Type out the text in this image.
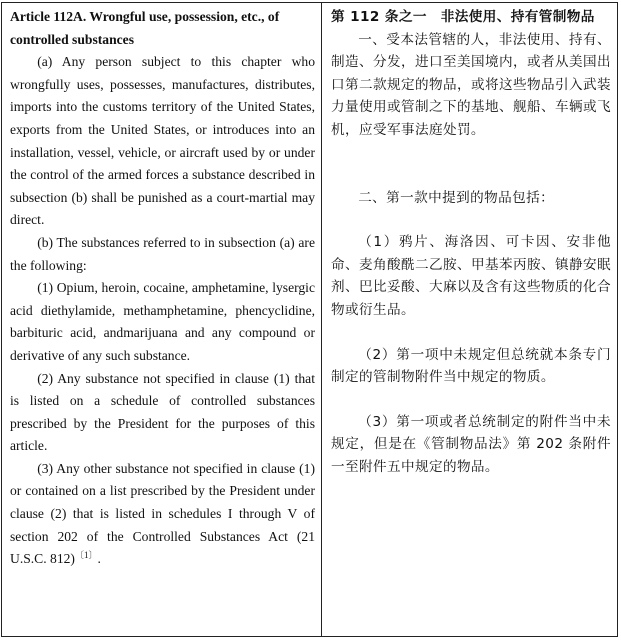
Article 112A. Wrongful use, possession, etc., of controlled substances

(a) Any person subject to this chapter who wrongfully uses, possesses, manufactures, distributes, imports into the customs territory of the United States, exports from the United States, or introduces into an installation, vessel, vehicle, or aircraft used by or under the control of the armed forces a substance described in subsection (b) shall be punished as a court-martial may direct.

(b) The substances referred to in subsection (a) are the following:

(1) Opium, heroin, cocaine, amphetamine, lysergic acid diethylamide, methamphetamine, phencyclidine, barbituric acid, andmarijuana and any compound or derivative of any such substance.

(2) Any substance not specified in clause (1) that is listed on a schedule of controlled substances prescribed by the President for the purposes of this article.

(3) Any other substance not specified in clause (1) or contained on a list prescribed by the President under clause (2) that is listed in schedules I through V of section 202 of the Controlled Substances Act (21 U.S.C. 812)$^{〔1〕}$.

第 112 条之一　非法使用、持有管制物品

一、受本法管辖的人，非法使用、持有、制造、分发，进口至美国境内，或者从美国出口第二款规定的物品，或将这些物品引入武装力量使用或管制之下的基地、舰船、车辆或飞机，应受军事法庭处罚。

二、第一款中提到的物品包括：

（1）鸦片、海洛因、可卡因、安非他命、麦角酸酰二乙胺、甲基苯丙胺、镇静安眠剂、巴比妥酸、大麻以及含有这些物质的化合物或衍生品。

（2）第一项中未规定但总统就本条专门制定的管制物附件当中规定的物质。

（3）第一项或者总统制定的附件当中未规定，但是在《管制物品法》第 202 条附件一至附件五中规定的物品。
